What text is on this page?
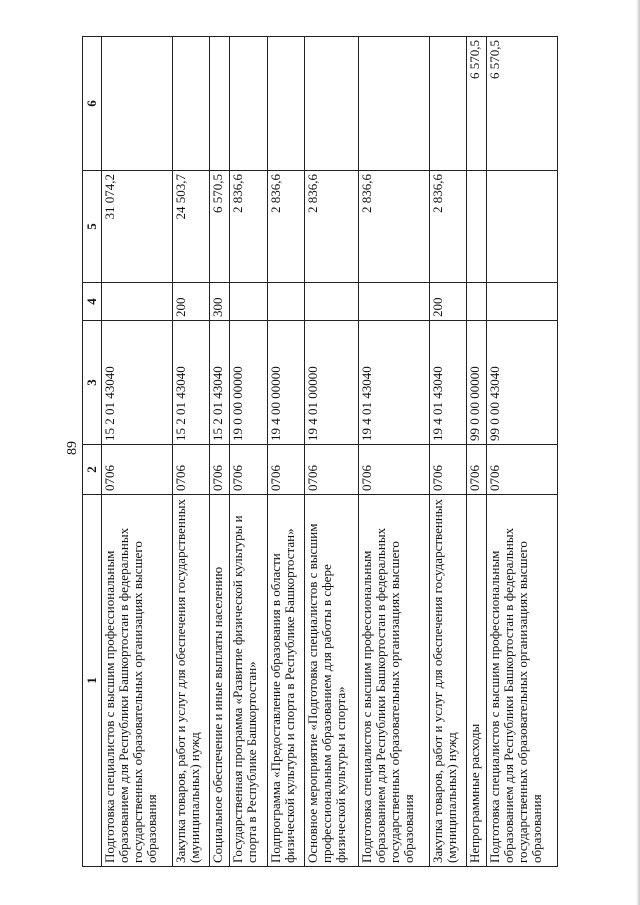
89
1	2	3	4	5	6
Подготовка специалистов с высшим профессиональным образованием для Республики Башкортостан в федеральных государственных образовательных организациях высшего образования	0706	15 2 01 43040		31 074,2	
Закупка товаров, работ и услуг для обеспечения государственных (муниципальных) нужд	0706	15 2 01 43040	200	24 503,7	
Социальное обеспечение и иные выплаты населению	0706	15 2 01 43040	300	6 570,5	
Государственная программа «Развитие физической культуры и спорта в Республике Башкортостан»	0706	19 0 00 00000		2 836,6	
Подпрограмма «Предоставление образования в области физической культуры и спорта в Республике Башкортостан»	0706	19 4 00 00000		2 836,6	
Основное мероприятие «Подготовка специалистов с высшим профессиональным образованием для работы в сфере физической культуры и спорта»	0706	19 4 01 00000		2 836,6	
Подготовка специалистов с высшим профессиональным образованием для Республики Башкортостан в федеральных государственных образовательных организациях высшего образования	0706	19 4 01 43040		2 836,6	
Закупка товаров, работ и услуг для обеспечения государственных (муниципальных) нужд	0706	19 4 01 43040	200	2 836,6	
Непрограммные расходы	0706	99 0 00 00000			6 570,5
Подготовка специалистов с высшим профессиональным образованием для Республики Башкортостан в федеральных государственных образовательных организациях высшего образования	0706	99 0 00 43040			6 570,5
